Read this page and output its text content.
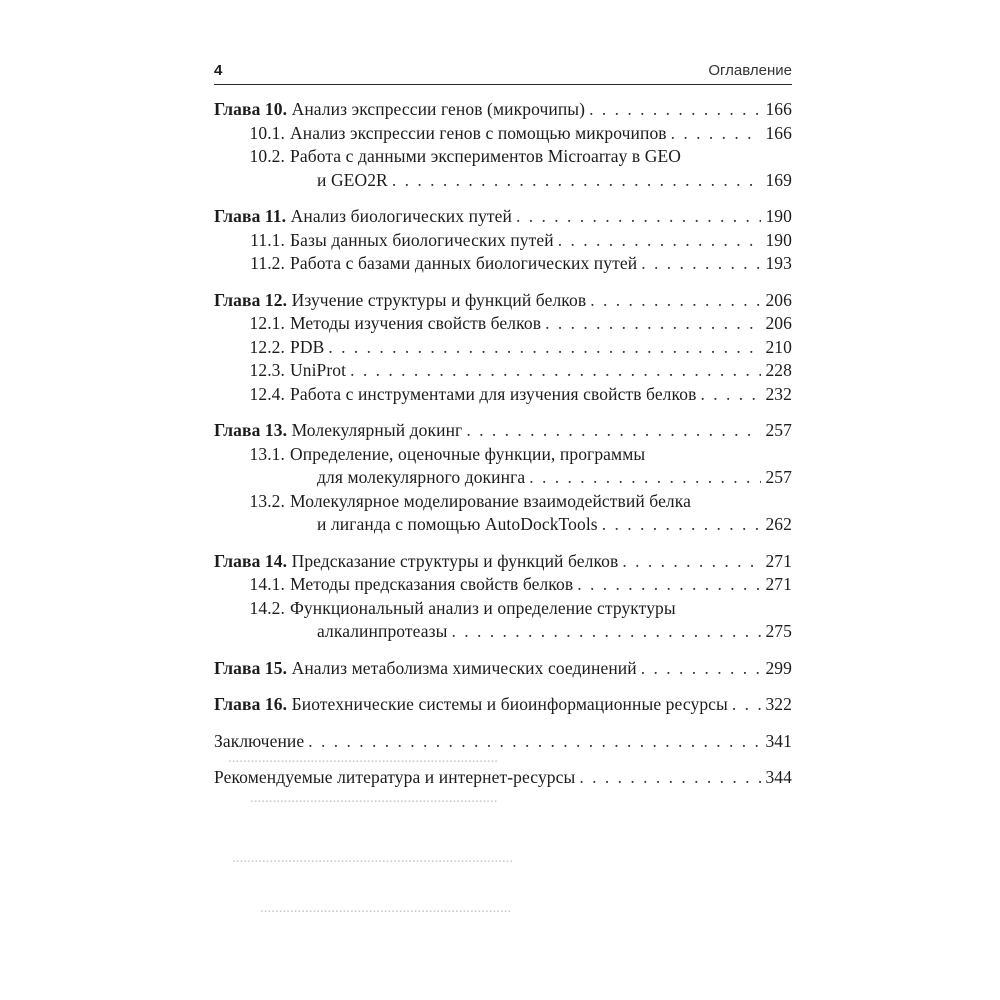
........................................................................
..................................................................
...........................................................................
...................................................................
4	Оглавление
Глава 10. Анализ экспрессии генов (микрочипы) . . .	166
10.1. Анализ экспрессии генов с помощью микрочипов . . .	166
10.2. Работа с данными экспериментов Microarray в GEO
и GEO2R . . .	169
Глава 11. Анализ биологических путей . . .	190
11.1. Базы данных биологических путей . . .	190
11.2. Работа с базами данных биологических путей . . .	193
Глава 12. Изучение структуры и функций белков . . .	206
12.1. Методы изучения свойств белков . . .	206
12.2. PDB . . .	210
12.3. UniProt . . .	228
12.4. Работа с инструментами для изучения свойств белков . . .	232
Глава 13. Молекулярный докинг . . .	257
13.1. Определение, оценочные функции, программы
для молекулярного докинга . . .	257
13.2. Молекулярное моделирование взаимодействий белка
и лиганда с помощью AutoDockTools . . .	262
Глава 14. Предсказание структуры и функций белков . . .	271
14.1. Методы предсказания свойств белков . . .	271
14.2. Функциональный анализ и определение структуры
алкалинпротеазы . . .	275
Глава 15. Анализ метаболизма химических соединений . . .	299
Глава 16. Биотехнические системы и биоинформационные ресурсы . . . 322
Заключение . . .	341
Рекомендуемые литература и интернет-ресурсы . . .	344
